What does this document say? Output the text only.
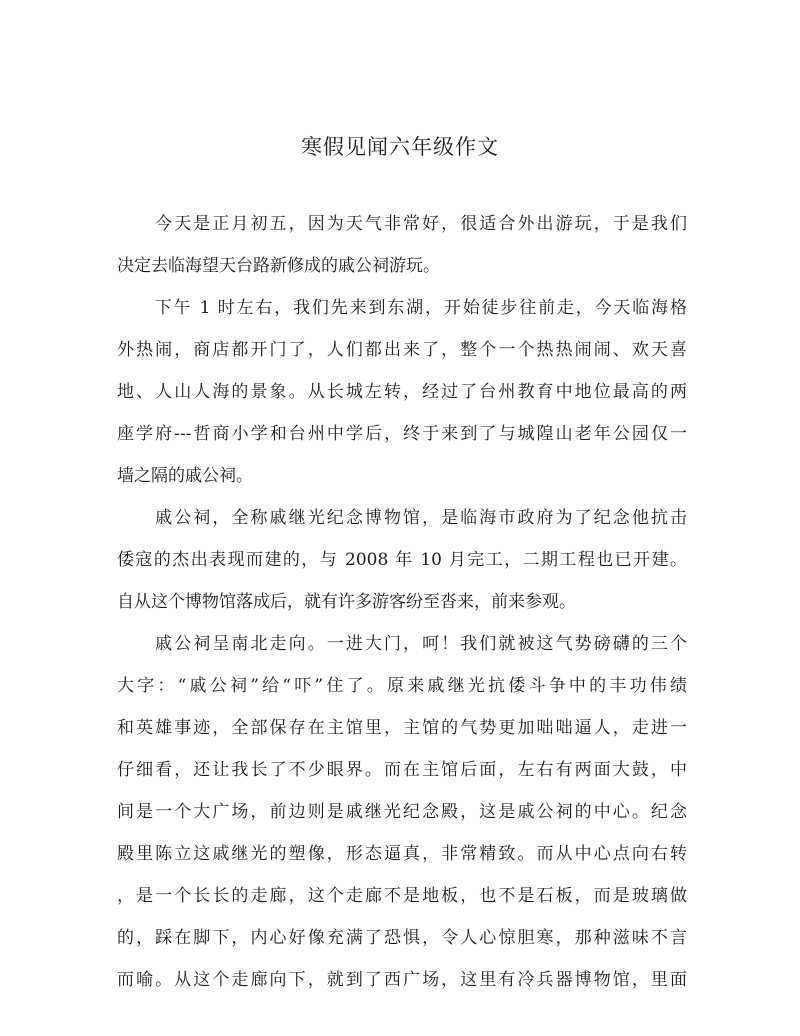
寒假见闻六年级作文

　　今天是正月初五，因为天气非常好，很适合外出游玩，于是我们
决定去临海望天台路新修成的戚公祠游玩。

　　下午 1 时左右，我们先来到东湖，开始徒步往前走，今天临海格
外热闹，商店都开门了，人们都出来了，整个一个热热闹闹、欢天喜
地、人山人海的景象。从长城左转，经过了台州教育中地位最高的两
座学府---哲商小学和台州中学后，终于来到了与城隍山老年公园仅一
墙之隔的戚公祠。

　　戚公祠，全称戚继光纪念博物馆，是临海市政府为了纪念他抗击
倭寇的杰出表现而建的，与 2008 年 10 月完工，二期工程也已开建。
自从这个博物馆落成后，就有许多游客纷至沓来，前来参观。

　　戚公祠呈南北走向。一进大门，呵！我们就被这气势磅礴的三个
大字：“戚公祠”给“吓”住了。原来戚继光抗倭斗争中的丰功伟绩
和英雄事迹，全部保存在主馆里，主馆的气势更加咄咄逼人，走进一
仔细看，还让我长了不少眼界。而在主馆后面，左右有两面大鼓，中
间是一个大广场，前边则是戚继光纪念殿，这是戚公祠的中心。纪念
殿里陈立这戚继光的塑像，形态逼真，非常精致。而从中心点向右转
，是一个长长的走廊，这个走廊不是地板，也不是石板，而是玻璃做
的，踩在脚下，内心好像充满了恐惧，令人心惊胆寒，那种滋味不言
而喻。从这个走廊向下，就到了西广场，这里有冷兵器博物馆，里面
